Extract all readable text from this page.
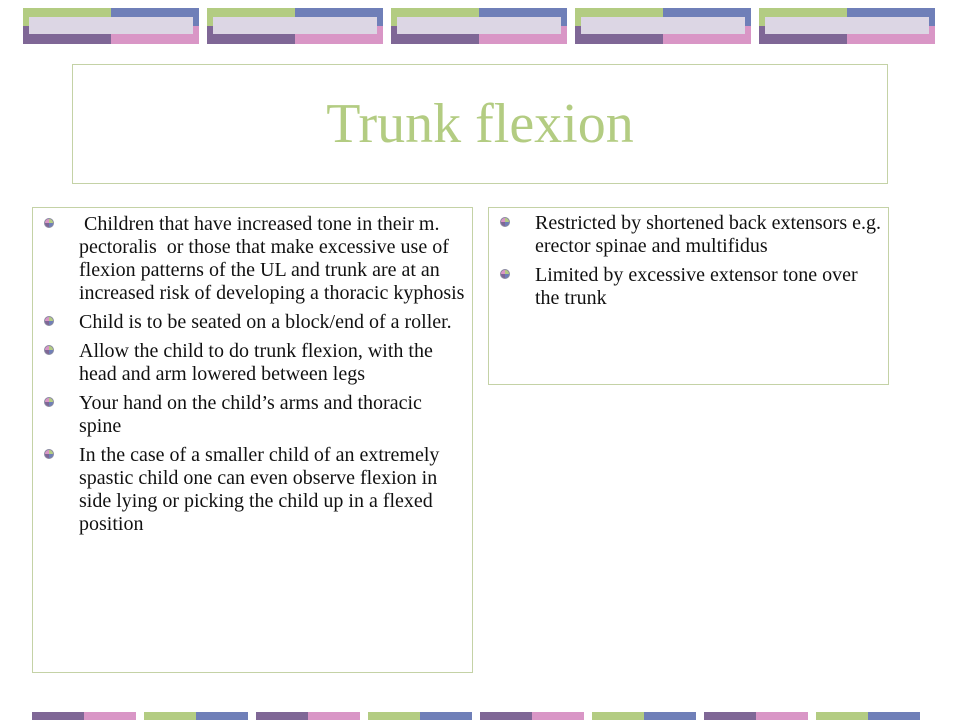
Trunk flexion
Children that have increased tone in their m. pectoralis  or those that make excessive use of flexion patterns of the UL and trunk are at an increased risk of developing a thoracic kyphosis
Child is to be seated on a block/end of a roller.
Allow the child to do trunk flexion, with the head and arm lowered between legs
Your hand on the child’s arms and thoracic spine
In the case of a smaller child of an extremely spastic child one can even observe flexion in side lying or picking the child up in a flexed position
Restricted by shortened back extensors e.g. erector spinae and multifidus
Limited by excessive extensor tone over the trunk
